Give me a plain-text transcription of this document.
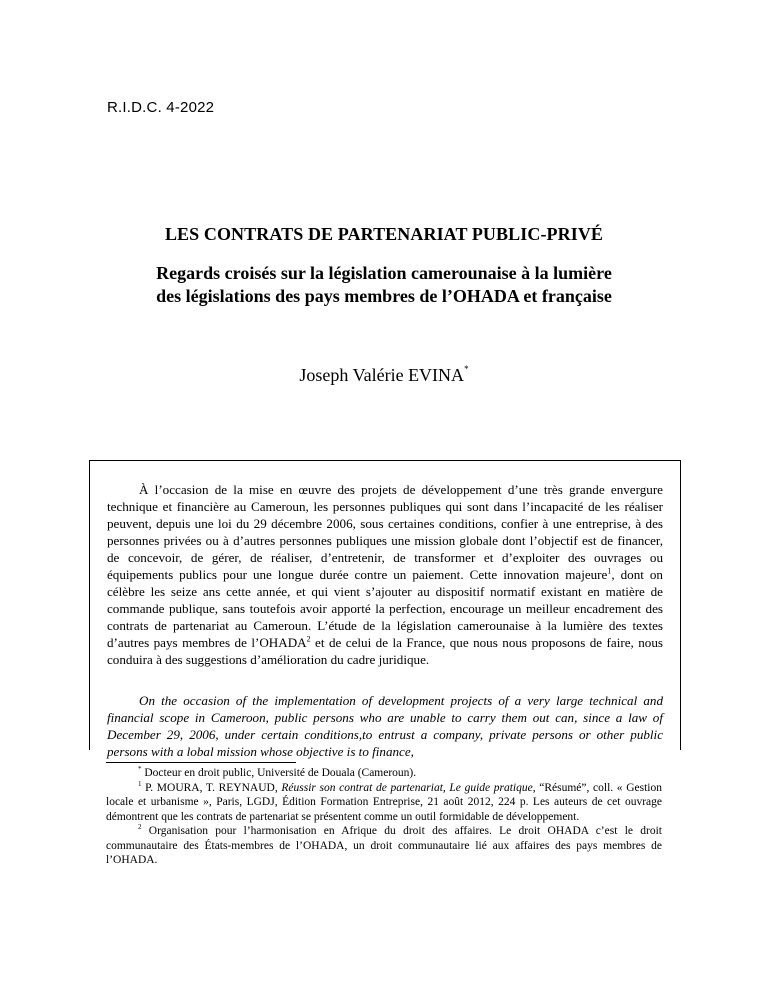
R.I.D.C. 4-2022
LES CONTRATS DE PARTENARIAT PUBLIC-PRIVÉ
Regards croisés sur la législation camerounaise à la lumière
des législations des pays membres de l’OHADA et française
Joseph Valérie EVINA*

À l’occasion de la mise en œuvre des projets de développement d’une très grande envergure technique et financière au Cameroun, les personnes publiques qui sont dans l’incapacité de les réaliser peuvent, depuis une loi du 29 décembre 2006, sous certaines conditions, confier à une entreprise, à des personnes privées ou à d’autres personnes publiques une mission globale dont l’objectif est de financer, de concevoir, de gérer, de réaliser, d’entretenir, de transformer et d’exploiter des ouvrages ou équipements publics pour une longue durée contre un paiement. Cette innovation majeure$^1$, dont on célèbre les seize ans cette année, et qui vient s’ajouter au dispositif normatif existant en matière de commande publique, sans toutefois avoir apporté la perfection, encourage un meilleur encadrement des contrats de partenariat au Cameroun. L’étude de la législation camerounaise à la lumière des textes d’autres pays membres de l’OHADA$^2$ et de celui de la France, que nous nous proposons de faire, nous conduira à des suggestions d’amélioration du cadre juridique.

On the occasion of the implementation of development projects of a very large technical and financial scope in Cameroon, public persons who are unable to carry them out can, since a law of December 29, 2006, under certain conditions,to entrust a company, private persons or other public persons with a lobal mission whose objective is to finance,

* Docteur en droit public, Université de Douala (Cameroun).

$^1$ P. MOURA, T. REYNAUD, Réussir son contrat de partenariat, Le guide pratique, “Résumé”, coll. « Gestion locale et urbanisme », Paris, LGDJ, Édition Formation Entreprise, 21 août 2012, 224 p. Les auteurs de cet ouvrage démontrent que les contrats de partenariat se présentent comme un outil formidable de développement.

$^2$ Organisation pour l’harmonisation en Afrique du droit des affaires. Le droit OHADA c’est le droit communautaire des États-membres de l’OHADA, un droit communautaire lié aux affaires des pays membres de l’OHADA.
